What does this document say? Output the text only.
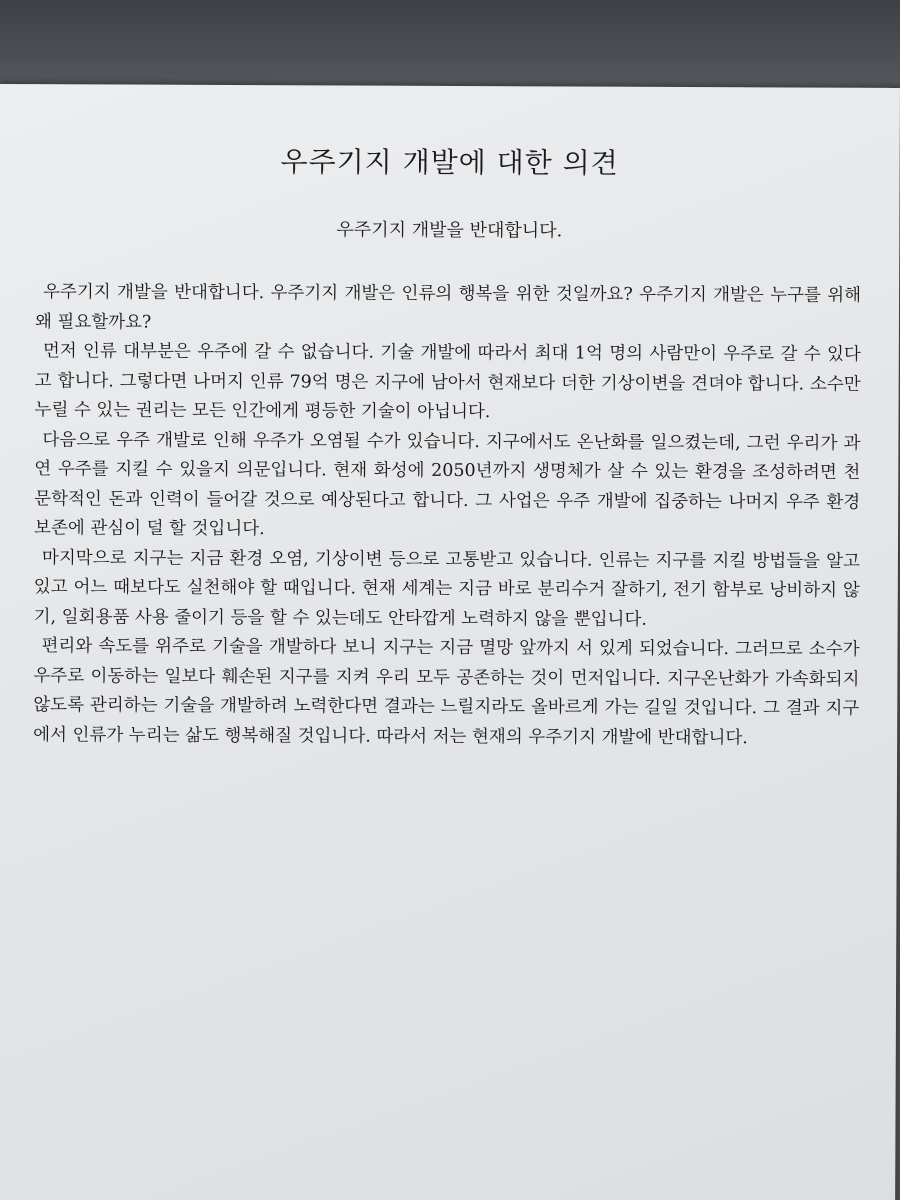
우주기지 개발에 대한 의견

우주기지 개발을 반대합니다.

우주기지 개발을 반대합니다. 우주기지 개발은 인류의 행복을 위한 것일까요? 우주기지 개발은 누구를 위해 왜 필요할까요?

먼저 인류 대부분은 우주에 갈 수 없습니다. 기술 개발에 따라서 최대 1억 명의 사람만이 우주로 갈 수 있다고 합니다. 그렇다면 나머지 인류 79억 명은 지구에 남아서 현재보다 더한 기상이변을 견뎌야 합니다. 소수만 누릴 수 있는 권리는 모든 인간에게 평등한 기술이 아닙니다.

다음으로 우주 개발로 인해 우주가 오염될 수가 있습니다. 지구에서도 온난화를 일으켰는데, 그런 우리가 과연 우주를 지킬 수 있을지 의문입니다. 현재 화성에 2050년까지 생명체가 살 수 있는 환경을 조성하려면 천문학적인 돈과 인력이 들어갈 것으로 예상된다고 합니다. 그 사업은 우주 개발에 집중하는 나머지 우주 환경 보존에 관심이 덜 할 것입니다.

마지막으로 지구는 지금 환경 오염, 기상이변 등으로 고통받고 있습니다. 인류는 지구를 지킬 방법들을 알고 있고 어느 때보다도 실천해야 할 때입니다. 현재 세계는 지금 바로 분리수거 잘하기, 전기 함부로 낭비하지 않기, 일회용품 사용 줄이기 등을 할 수 있는데도 안타깝게 노력하지 않을 뿐입니다.

편리와 속도를 위주로 기술을 개발하다 보니 지구는 지금 멸망 앞까지 서 있게 되었습니다. 그러므로 소수가 우주로 이동하는 일보다 훼손된 지구를 지켜 우리 모두 공존하는 것이 먼저입니다. 지구온난화가 가속화되지 않도록 관리하는 기술을 개발하려 노력한다면 결과는 느릴지라도 올바르게 가는 길일 것입니다. 그 결과 지구에서 인류가 누리는 삶도 행복해질 것입니다. 따라서 저는 현재의 우주기지 개발에 반대합니다.
